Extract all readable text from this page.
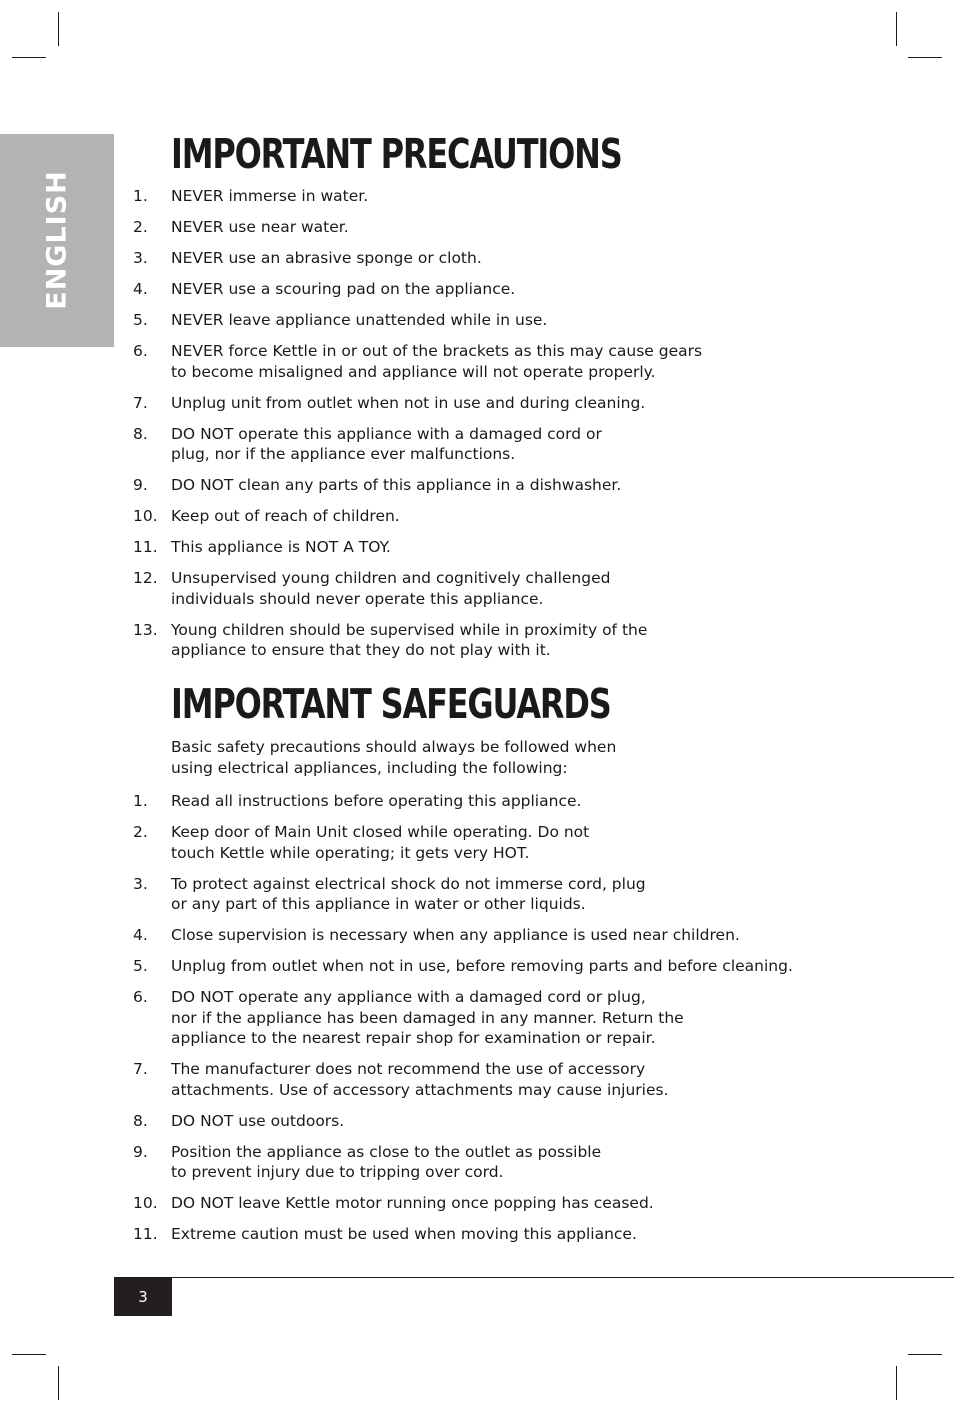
ENGLISH
IMPORTANT PRECAUTIONS
1. NEVER immerse in water.
2. NEVER use near water.
3. NEVER use an abrasive sponge or cloth.
4. NEVER use a scouring pad on the appliance.
5. NEVER leave appliance unattended while in use.
6. NEVER force Kettle in or out of the brackets as this may cause gears
to become misaligned and appliance will not operate properly.
7. Unplug unit from outlet when not in use and during cleaning.
8. DO NOT operate this appliance with a damaged cord or
plug, nor if the appliance ever malfunctions.
9. DO NOT clean any parts of this appliance in a dishwasher.
10. Keep out of reach of children.
11. This appliance is NOT A TOY.
12. Unsupervised young children and cognitively challenged
individuals should never operate this appliance.
13. Young children should be supervised while in proximity of the
appliance to ensure that they do not play with it.
IMPORTANT SAFEGUARDS
Basic safety precautions should always be followed when
using electrical appliances, including the following:
1. Read all instructions before operating this appliance.
2. Keep door of Main Unit closed while operating. Do not
touch Kettle while operating; it gets very HOT.
3. To protect against electrical shock do not immerse cord, plug
or any part of this appliance in water or other liquids.
4. Close supervision is necessary when any appliance is used near children.
5. Unplug from outlet when not in use, before removing parts and before cleaning.
6. DO NOT operate any appliance with a damaged cord or plug,
nor if the appliance has been damaged in any manner. Return the
appliance to the nearest repair shop for examination or repair.
7. The manufacturer does not recommend the use of accessory
attachments. Use of accessory attachments may cause injuries.
8. DO NOT use outdoors.
9. Position the appliance as close to the outlet as possible
to prevent injury due to tripping over cord.
10. DO NOT leave Kettle motor running once popping has ceased.
11. Extreme caution must be used when moving this appliance.
3
